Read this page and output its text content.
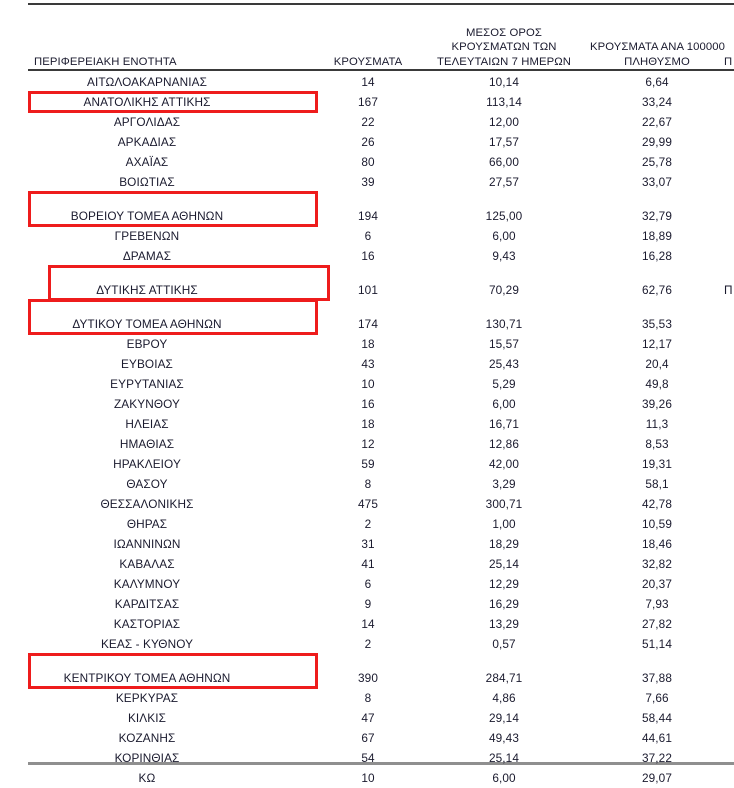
ΠΕΡΙΦΕΡΕΙΑΚΗ ΕΝΟΤΗΤΑ	ΚΡΟΥΣΜΑΤΑ	ΜΕΣΟΣ ΟΡΟΣ
ΚΡΟΥΣΜΑΤΩΝ ΤΩΝ
ΤΕΛΕΥΤΑΙΩΝ 7 ΗΜΕΡΩΝ	ΚΡΟΥΣΜΑΤΑ ΑΝΑ 100000
ΠΛΗΘΥΣΜΟ	Π
ΑΙΤΩΛΟΑΚΑΡΝΑΝΙΑΣ	14	10,14	6,64	
ΑΝΑΤΟΛΙΚΗΣ ΑΤΤΙΚΗΣ	167	113,14	33,24	
ΑΡΓΟΛΙΔΑΣ	22	12,00	22,67	
ΑΡΚΑΔΙΑΣ	26	17,57	29,99	
ΑΧΑΪΑΣ	80	66,00	25,78	
ΒΟΙΩΤΙΑΣ	39	27,57	33,07	

ΒΟΡΕΙΟΥ ΤΟΜΕΑ ΑΘΗΝΩΝ	194	125,00	32,79	
ΓΡΕΒΕΝΩΝ	6	6,00	18,89	
ΔΡΑΜΑΣ	16	9,43	16,28	

ΔΥΤΙΚΗΣ ΑΤΤΙΚΗΣ	101	70,29	62,76	Π

ΔΥΤΙΚΟΥ ΤΟΜΕΑ ΑΘΗΝΩΝ	174	130,71	35,53	
ΕΒΡΟΥ	18	15,57	12,17	
ΕΥΒΟΙΑΣ	43	25,43	20,4	
ΕΥΡΥΤΑΝΙΑΣ	10	5,29	49,8	
ΖΑΚΥΝΘΟΥ	16	6,00	39,26	
ΗΛΕΙΑΣ	18	16,71	11,3	
ΗΜΑΘΙΑΣ	12	12,86	8,53	
ΗΡΑΚΛΕΙΟΥ	59	42,00	19,31	
ΘΑΣΟΥ	8	3,29	58,1	
ΘΕΣΣΑΛΟΝΙΚΗΣ	475	300,71	42,78	
ΘΗΡΑΣ	2	1,00	10,59	
ΙΩΑΝΝΙΝΩΝ	31	18,29	18,46	
ΚΑΒΑΛΑΣ	41	25,14	32,82	
ΚΑΛΥΜΝΟΥ	6	12,29	20,37	
ΚΑΡΔΙΤΣΑΣ	9	16,29	7,93	
ΚΑΣΤΟΡΙΑΣ	14	13,29	27,82	
ΚΕΑΣ - ΚΥΘΝΟΥ	2	0,57	51,14	

ΚΕΝΤΡΙΚΟΥ ΤΟΜΕΑ ΑΘΗΝΩΝ	390	284,71	37,88	
ΚΕΡΚΥΡΑΣ	8	4,86	7,66	
ΚΙΛΚΙΣ	47	29,14	58,44	
ΚΟΖΑΝΗΣ	67	49,43	44,61	
ΚΟΡΙΝΘΙΑΣ	54	25,14	37,22	
ΚΩ	10	6,00	29,07	
